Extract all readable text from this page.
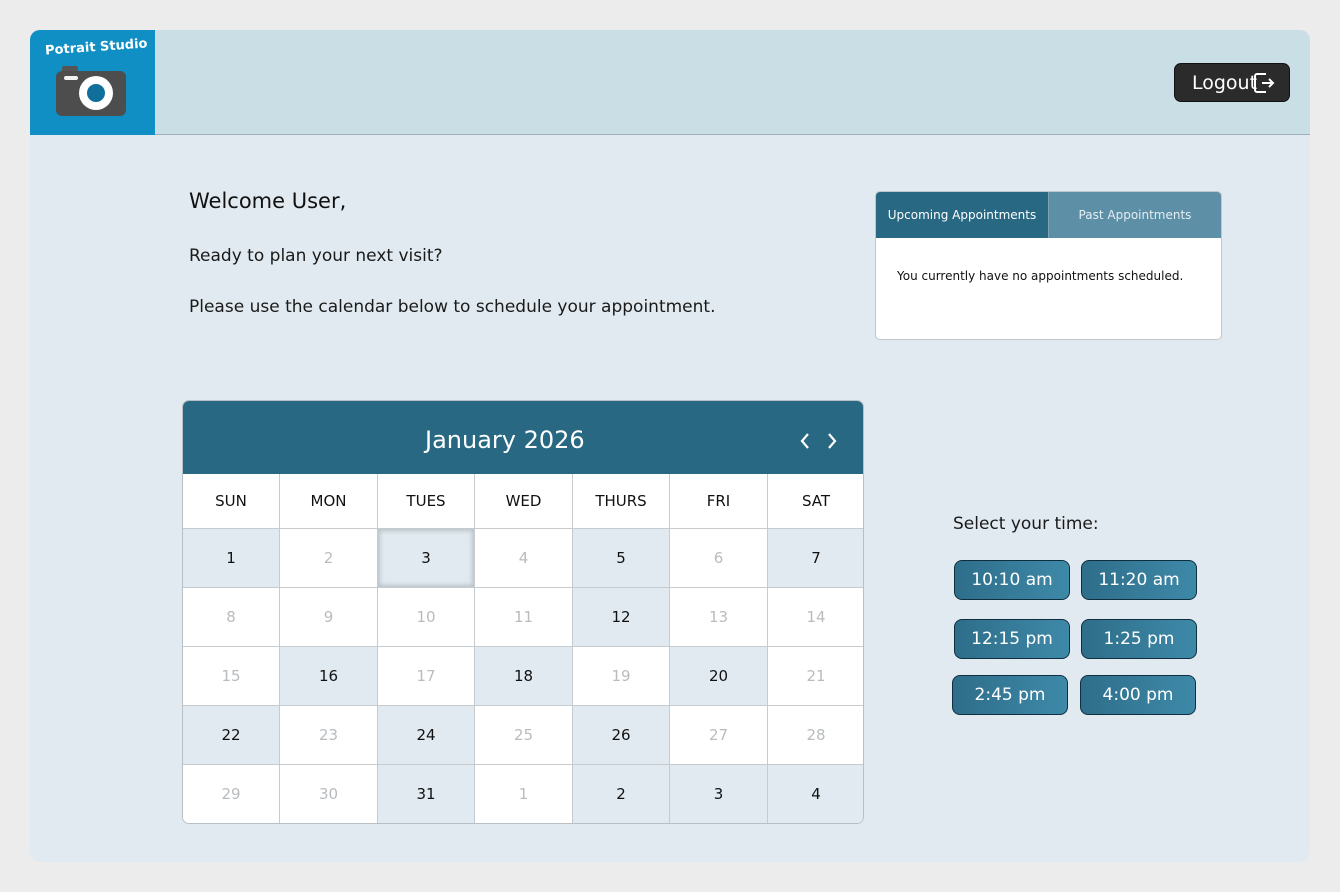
Potrait Studio
Logout
Welcome User,
Ready to plan your next visit?
Please use the calendar below to schedule your appointment.
Upcoming Appointments	Past Appointments
You currently have no appointments scheduled.
January 2026
SUN	MON	TUES	WED	THURS	FRI	SAT
1	2	3	4	5	6	7
8	9	10	11	12	13	14
15	16	17	18	19	20	21
22	23	24	25	26	27	28
29	30	31	1	2	3	4
Select your time:
10:10 am	11:20 am
12:15 pm	1:25 pm
2:45 pm	4:00 pm
